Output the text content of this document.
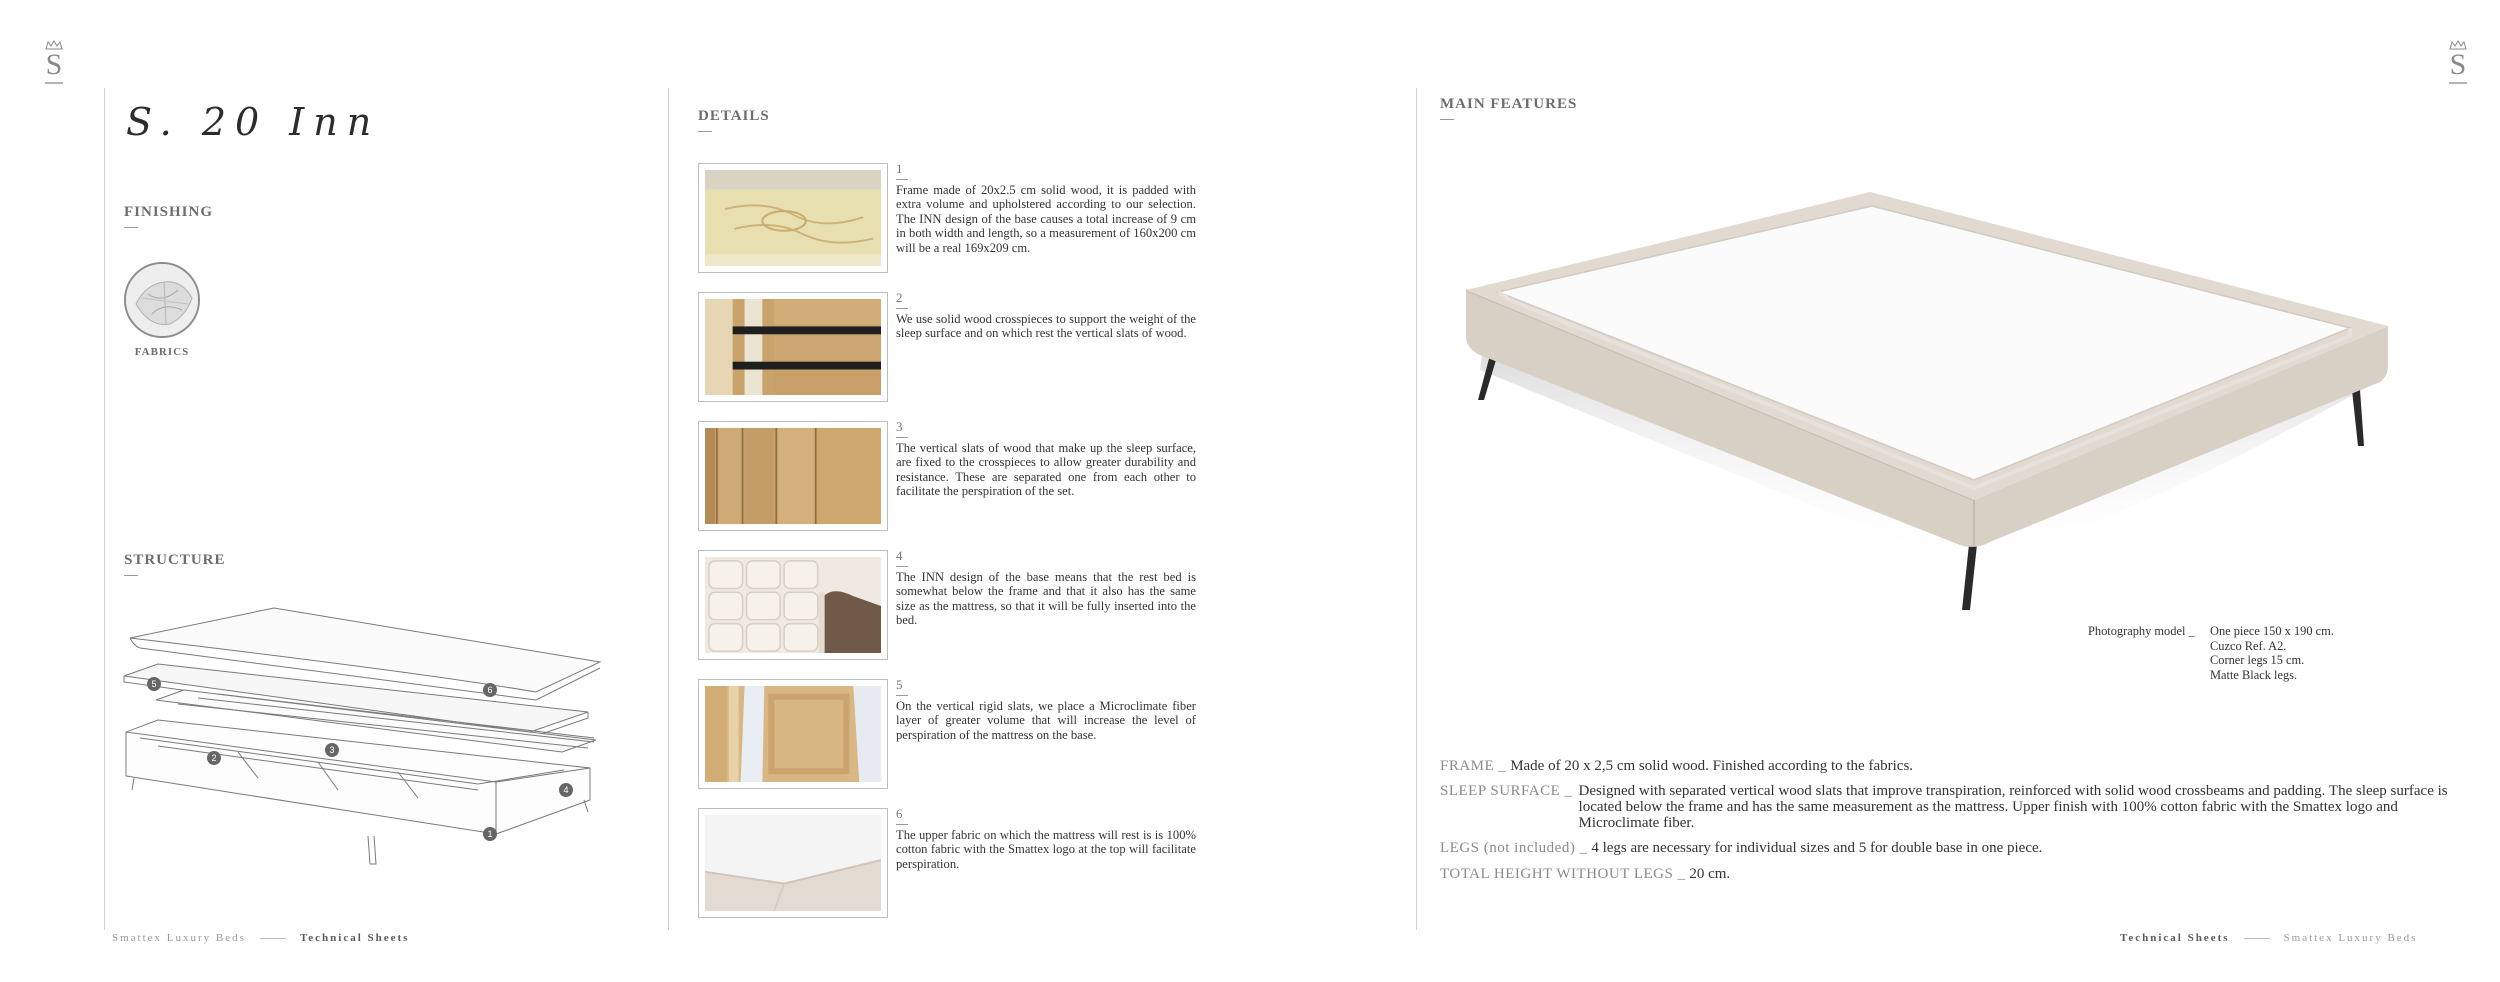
S	S
S. 20 Inn
FINISHING
FABRICS
STRUCTURE
6
5
3
2
4
1
Smattex Luxury Beds	Technical Sheets
DETAILS
1
Frame made of 20x2.5 cm solid wood, it is padded with extra volume and upholstered according to our selection. The INN design of the base causes a total increase of 9 cm in both width and length, so a measurement of 160x200 cm will be a real 169x209 cm.
2
We use solid wood crosspieces to support the weight of the sleep surface and on which rest the vertical slats of wood.
3
The vertical slats of wood that make up the sleep surface, are fixed to the crosspieces to allow greater durability and resistance. These are separated one from each other to facilitate the perspiration of the set.
4
The INN design of the base means that the rest bed is somewhat below the frame and that it also has the same size as the mattress, so that it will be fully inserted into the bed.
5
On the vertical rigid slats, we place a Microclimate fiber layer of greater volume that will increase the level of perspiration of the mattress on the base.
6
The upper fabric on which the mattress will rest is is 100% cotton fabric with the Smattex logo at the top will facilitate perspiration.
MAIN FEATURES
Photography model _ One piece 150 x 190 cm.
Cuzco Ref. A2.
Corner legs 15 cm.
Matte Black legs.
FRAME _ Made of 20 x 2,5 cm solid wood. Finished according to the fabrics.
SLEEP SURFACE _ Designed with separated vertical wood slats that improve transpiration, reinforced with solid wood crossbeams and padding. The sleep surface is located below the frame and has the same measurement as the mattress. Upper finish with 100% cotton fabric with the Smattex logo and Microclimate fiber.
LEGS (not included) _ 4 legs are necessary for individual sizes and 5 for double base in one piece.
TOTAL HEIGHT WITHOUT LEGS _ 20 cm.
Technical Sheets	Smattex Luxury Beds
